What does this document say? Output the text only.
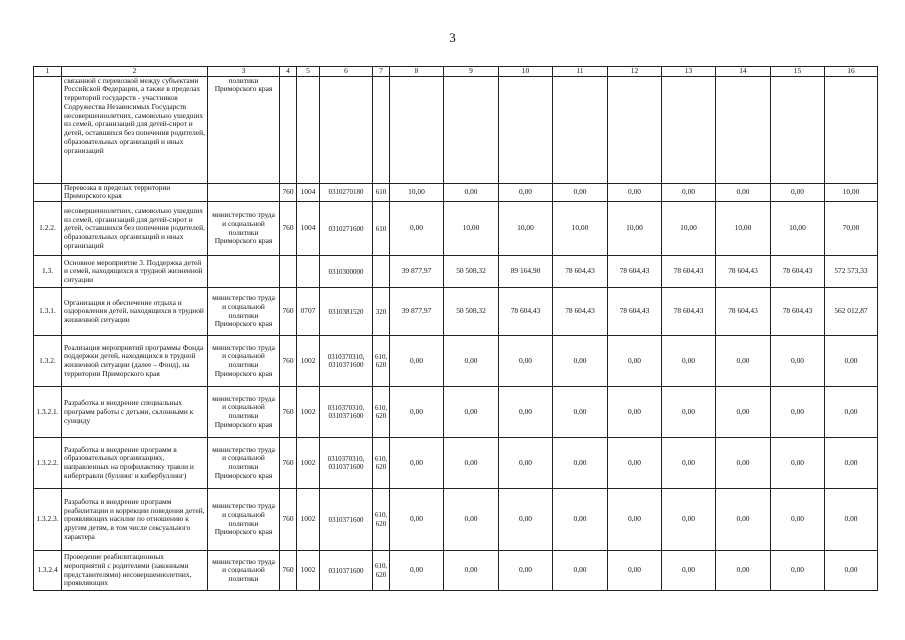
3
1	2	3	4	5	6	7	8	9	10	11	12	13	14	15	16
	связанной с перевозкой между субъектами Российской Федерации, а также в пределах территорий государств - участников Содружества Независимых Государств несовершеннолетних, самовольно ушедших из семей, организаций для детей-сирот и детей, оставшихся без попечения родителей, образовательных организаций и иных организаций	политики Приморского края													
	Перевозка в пределах территории Приморского края		760	1004	0310270180	610	10,00	0,00	0,00	0,00	0,00	0,00	0,00	0,00	10,00
1.2.2.	несовершеннолетних, самовольно ушедших из семей, организаций для детей-сирот и детей, оставшихся без попечения родителей, образовательных организаций и иных организаций	министерство труда и социальной политики Приморского края	760	1004	0310271600	610	0,00	10,00	10,00	10,00	10,00	10,00	10,00	10,00	70,00
1.3.	Основное мероприятие 3. Поддержка детей и семей, находящихся в трудной жизненной ситуации				0310300000		39 877,97	50 508,32	89 164,90	78 604,43	78 604,43	78 604,43	78 604,43	78 604,43	572 573,33
1.3.1.	Организация и обеспечение отдыха и оздоровления детей, находящихся в трудной жизненной ситуации	министерство труда и социальной политики Приморского края	760	0707	0310381520	320	39 877,97	50 508,32	78 604,43	78 604,43	78 604,43	78 604,43	78 604,43	78 604,43	562 012,87
1.3.2.	Реализация мероприятий программы Фонда поддержки детей, находящихся в трудной жизненной ситуации (далее – Фонд), на территории Приморского края	министерство труда и социальной политики Приморского края	760	1002	0310370310, 0310371600	610, 620	0,00	0,00	0,00	0,00	0,00	0,00	0,00	0,00	0,00
1.3.2.1.	Разработка и внедрение специальных программ работы с детьми, склонными к суициду	министерство труда и социальной политики Приморского края	760	1002	0310370310, 0310371600	610, 620	0,00	0,00	0,00	0,00	0,00	0,00	0,00	0,00	0,00
1.3.2.2.	Разработка и внедрение программ в образовательных организациях, направленных на профилактику травли и кибертравли (буллинг и кибербуллинг)	министерство труда и социальной политики Приморского края	760	1002	0310370310, 0310371600	610, 620	0,00	0,00	0,00	0,00	0,00	0,00	0,00	0,00	0,00
1.3.2.3.	Разработка и внедрение программ реабилитации и коррекции поведения детей, проявляющих насилие по отношению к другим детям, в том числе сексуального характера	министерство труда и социальной политики Приморского края	760	1002	0310371600	610, 620	0,00	0,00	0,00	0,00	0,00	0,00	0,00	0,00	0,00
1.3.2.4	Проведение реабилитационных мероприятий с родителями (законными представителями) несовершеннолетних, проявляющих	министерство труда и социальной политики	760	1002	0310371600	610, 620	0,00	0,00	0,00	0,00	0,00	0,00	0,00	0,00	0,00
